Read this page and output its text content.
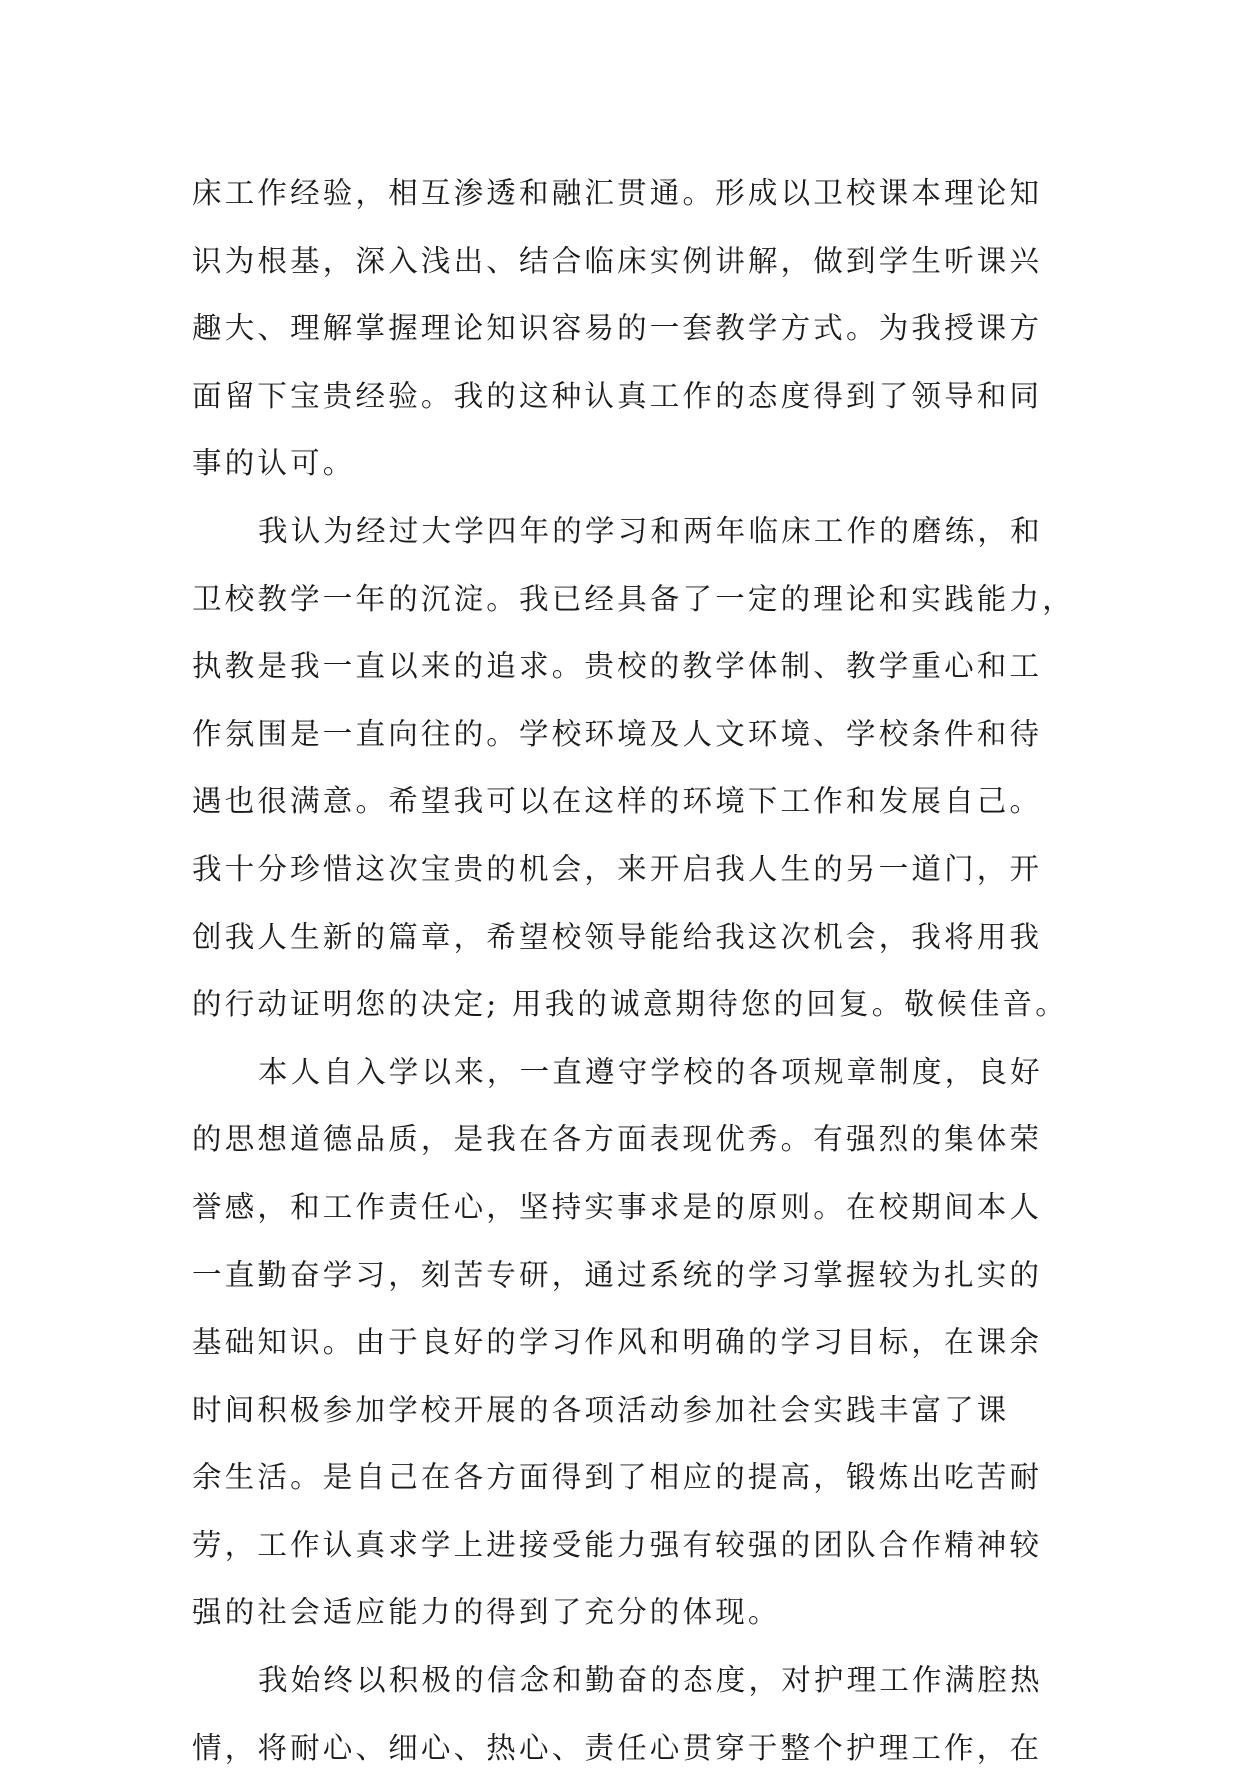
床工作经验，相互渗透和融汇贯通。形成以卫校课本理论知
识为根基，深入浅出、结合临床实例讲解，做到学生听课兴
趣大、理解掌握理论知识容易的一套教学方式。为我授课方
面留下宝贵经验。我的这种认真工作的态度得到了领导和同
事的认可。
我认为经过大学四年的学习和两年临床工作的磨练，和
卫校教学一年的沉淀。我已经具备了一定的理论和实践能力，
执教是我一直以来的追求。贵校的教学体制、教学重心和工
作氛围是一直向往的。学校环境及人文环境、学校条件和待
遇也很满意。希望我可以在这样的环境下工作和发展自己。
我十分珍惜这次宝贵的机会，来开启我人生的另一道门，开
创我人生新的篇章，希望校领导能给我这次机会，我将用我
的行动证明您的决定; 用我的诚意期待您的回复。敬候佳音。
本人自入学以来，一直遵守学校的各项规章制度，良好
的思想道德品质，是我在各方面表现优秀。有强烈的集体荣
誉感，和工作责任心，坚持实事求是的原则。在校期间本人
一直勤奋学习，刻苦专研，通过系统的学习掌握较为扎实的
基础知识。由于良好的学习作风和明确的学习目标，在课余
时间积极参加学校开展的各项活动参加社会实践丰富了课
余生活。是自己在各方面得到了相应的提高，锻炼出吃苦耐
劳，工作认真求学上进接受能力强有较强的团队合作精神较
强的社会适应能力的得到了充分的体现。
我始终以积极的信念和勤奋的态度，对护理工作满腔热
情，将耐心、细心、热心、责任心贯穿于整个护理工作，在
